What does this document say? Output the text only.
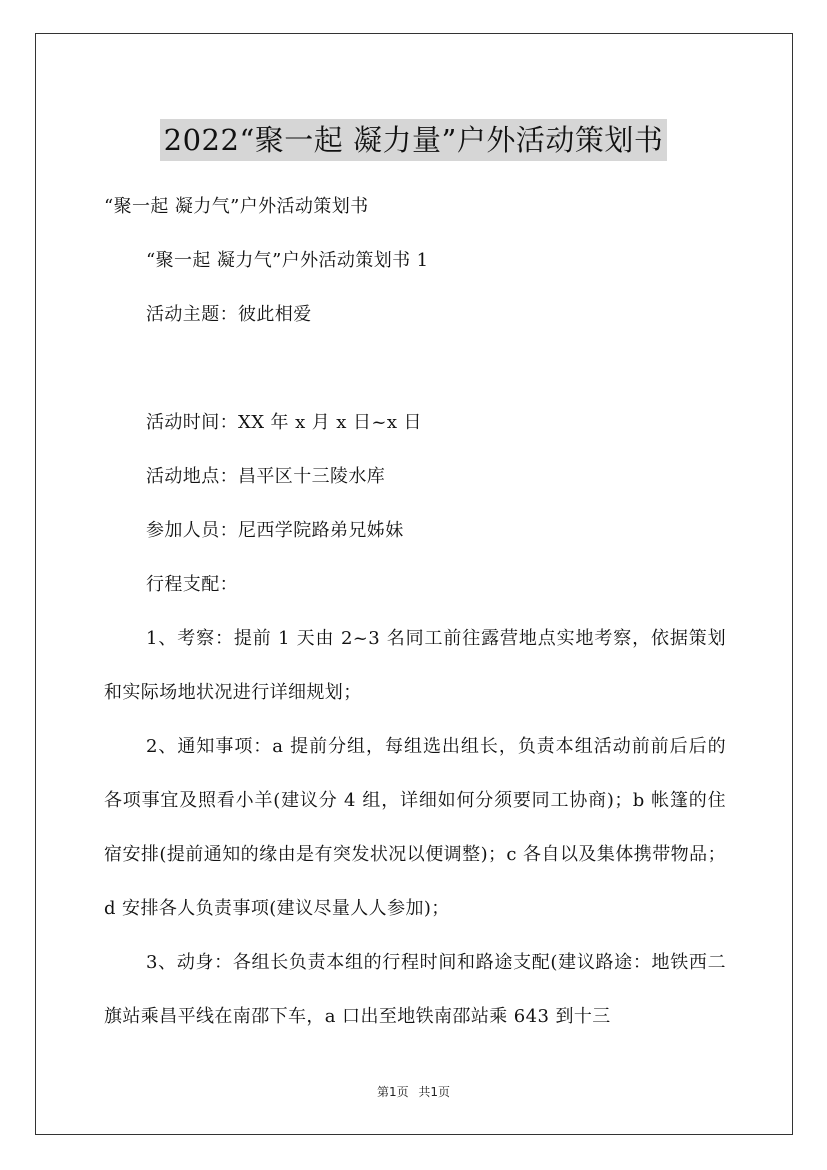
2022“聚一起 凝力量”户外活动策划书

“聚一起 凝力气”户外活动策划书

“聚一起 凝力气”户外活动策划书 1

活动主题：彼此相爱

活动时间：XX 年 x 月 x 日~x 日

活动地点：昌平区十三陵水库

参加人员：尼西学院路弟兄姊妹

行程支配：

1、考察：提前 1 天由 2~3 名同工前往露营地点实地考察，依据策划和实际场地状况进行详细规划；

2、通知事项：a 提前分组，每组选出组长，负责本组活动前前后后的各项事宜及照看小羊(建议分 4 组，详细如何分须要同工协商)；b 帐篷的住宿安排(提前通知的缘由是有突发状况以便调整)；c 各自以及集体携带物品；d 安排各人负责事项(建议尽量人人参加)；

3、动身：各组长负责本组的行程时间和路途支配(建议路途：地铁西二旗站乘昌平线在南邵下车，a 口出至地铁南邵站乘 643 到十三

第1页 共1页
